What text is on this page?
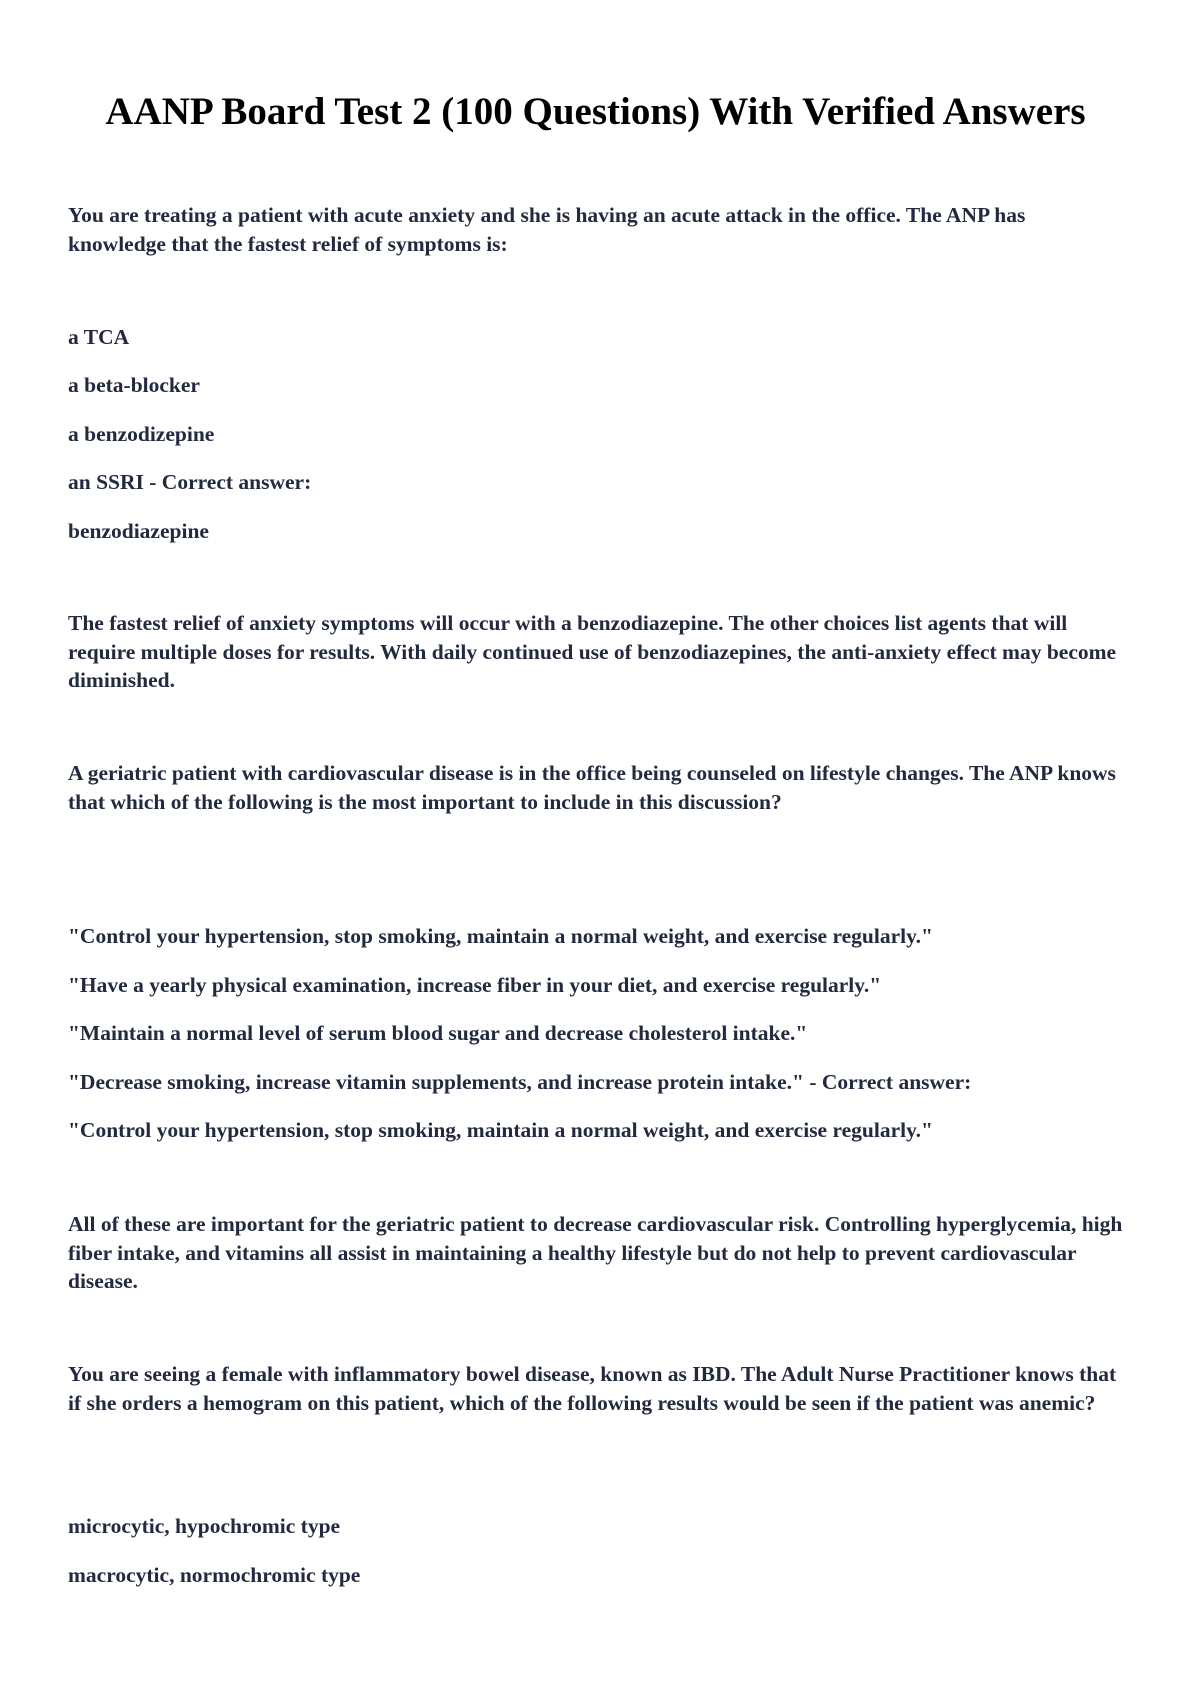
AANP Board Test 2 (100 Questions) With Verified Answers

You are treating a patient with acute anxiety and she is having an acute attack in the office. The ANP has knowledge that the fastest relief of symptoms is:

a TCA

a beta-blocker

a benzodizepine

an SSRI - Correct answer:

benzodiazepine

The fastest relief of anxiety symptoms will occur with a benzodiazepine. The other choices list agents that will require multiple doses for results. With daily continued use of benzodiazepines, the anti-anxiety effect may become diminished.

A geriatric patient with cardiovascular disease is in the office being counseled on lifestyle changes. The ANP knows that which of the following is the most important to include in this discussion?

"Control your hypertension, stop smoking, maintain a normal weight, and exercise regularly."

"Have a yearly physical examination, increase fiber in your diet, and exercise regularly."

"Maintain a normal level of serum blood sugar and decrease cholesterol intake."

"Decrease smoking, increase vitamin supplements, and increase protein intake." - Correct answer:

"Control your hypertension, stop smoking, maintain a normal weight, and exercise regularly."

All of these are important for the geriatric patient to decrease cardiovascular risk. Controlling hyperglycemia, high fiber intake, and vitamins all assist in maintaining a healthy lifestyle but do not help to prevent cardiovascular disease.

You are seeing a female with inflammatory bowel disease, known as IBD. The Adult Nurse Practitioner knows that if she orders a hemogram on this patient, which of the following results would be seen if the patient was anemic?

microcytic, hypochromic type

macrocytic, normochromic type
